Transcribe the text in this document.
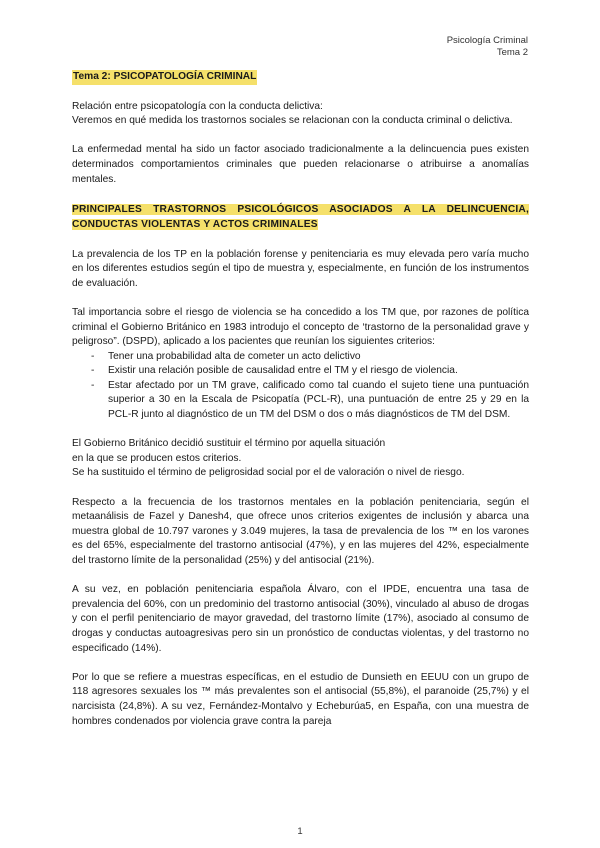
Psicología Criminal
Tema 2
Tema 2: PSICOPATOLOGÍA CRIMINAL

Relación entre psicopatología con la conducta delictiva:
Veremos en qué medida los trastornos sociales se relacionan con la conducta criminal o delictiva.

La enfermedad mental ha sido un factor asociado tradicionalmente a la delincuencia pues existen determinados comportamientos criminales que pueden relacionarse o atribuirse a anomalías mentales.

PRINCIPALES TRASTORNOS PSICOLÓGICOS ASOCIADOS A LA DELINCUENCIA, CONDUCTAS VIOLENTAS Y ACTOS CRIMINALES

La prevalencia de los TP en la población forense y penitenciaria es muy elevada pero varía mucho en los diferentes estudios según el tipo de muestra y, especialmente, en función de los instrumentos de evaluación.

Tal importancia sobre el riesgo de violencia se ha concedido a los TM que, por razones de política criminal el Gobierno Británico en 1983 introdujo el concepto de ‘trastorno de la personalidad grave y peligroso”. (DSPD), aplicado a los pacientes que reunían los siguientes criterios:

- Tener una probabilidad alta de cometer un acto delictivo
- Existir una relación posible de causalidad entre el TM y el riesgo de violencia.
- Estar afectado por un TM grave, calificado como tal cuando el sujeto tiene una puntuación superior a 30 en la Escala de Psicopatía (PCL-R), una puntuación de entre 25 y 29 en la PCL-R junto al diagnóstico de un TM del DSM o dos o más diagnósticos de TM del DSM.

El Gobierno Británico decidió sustituir el término por aquella situación
en la que se producen estos criterios.
Se ha sustituido el término de peligrosidad social por el de valoración o nivel de riesgo.

Respecto a la frecuencia de los trastornos mentales en la población penitenciaria, según el metaanálisis de Fazel y Danesh4, que ofrece unos criterios exigentes de inclusión y abarca una muestra global de 10.797 varones y 3.049 mujeres, la tasa de prevalencia de los ™ en los varones es del 65%, especialmente del trastorno antisocial (47%), y en las mujeres del 42%, especialmente del trastorno límite de la personalidad (25%) y del antisocial (21%).

A su vez, en población penitenciaria española Álvaro, con el IPDE, encuentra una tasa de prevalencia del 60%, con un predominio del trastorno antisocial (30%), vinculado al abuso de drogas y con el perfil penitenciario de mayor gravedad, del trastorno límite (17%), asociado al consumo de drogas y conductas autoagresivas pero sin un pronóstico de conductas violentas, y del trastorno no especificado (14%).

Por lo que se refiere a muestras específicas, en el estudio de Dunsieth en EEUU con un grupo de 118 agresores sexuales los ™ más prevalentes son el antisocial (55,8%), el paranoide (25,7%) y el narcisista (24,8%). A su vez, Fernández-Montalvo y Echeburúa5, en España, con una muestra de hombres condenados por violencia grave contra la pareja

1
